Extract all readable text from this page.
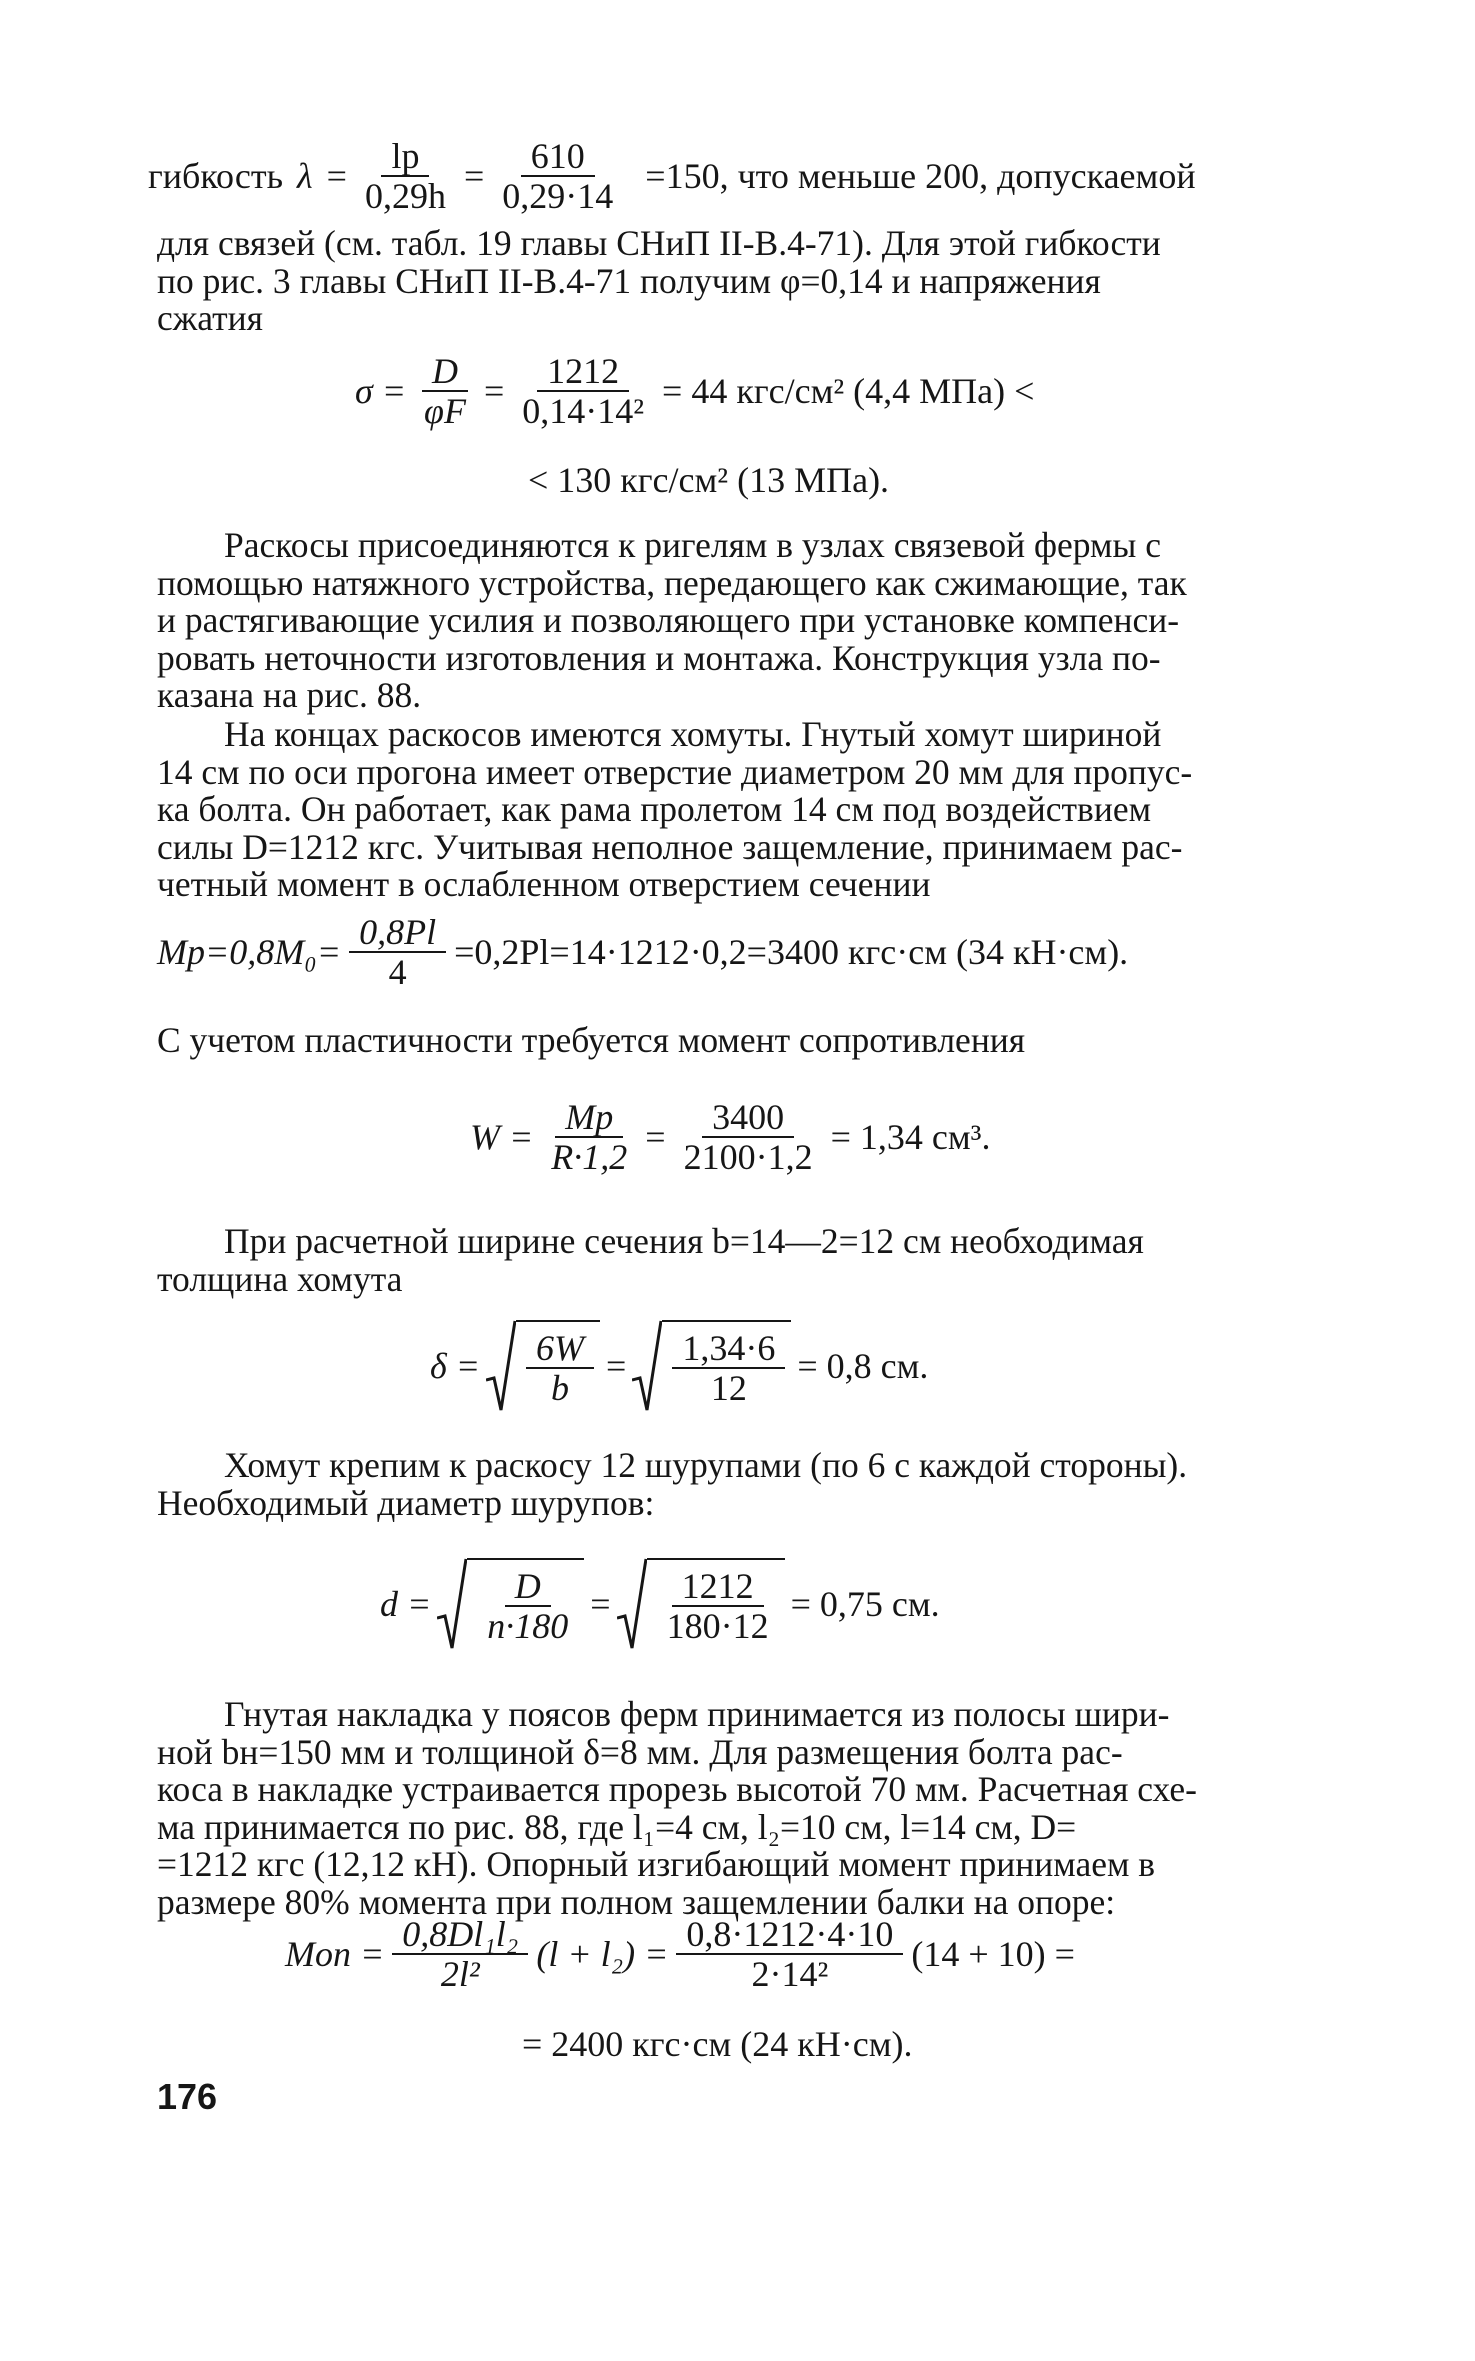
гибкость $\lambda = \frac{lр}{0,29h} = \frac{610}{0,29\cdot 14} =150$, что меньше 200, допускаемой

для связей (см. табл. 19 главы СНиП II-В.4-71). Для этой гибкости

по рис. 3 главы СНиП II-В.4-71 получим φ=0,14 и напряжения

сжатия

$\sigma = \frac{D}{\varphi F} = \frac{1212}{\text{0,14·14²}} = 44$ кгс/см² (4,4 МПа) <
< 130 кгс/см² (13 МПа).

Раскосы присоединяются к ригелям в узлах связевой фермы с

помощью натяжного устройства, передающего как сжимающие, так

и растягивающие усилия и позволяющего при установке компенси-

ровать неточности изготовления и монтажа. Конструкция узла по-

казана на рис. 88.

На концах раскосов имеются хомуты. Гнутый хомут шириной

14 см по оси прогона имеет отверстие диаметром 20 мм для пропус-

ка болта. Он работает, как рама пролетом 14 см под воздействием

силы D=1212 кгс. Учитывая неполное защемление, принимаем рас-

четный момент в ослабленном отверстием сечении

$Mр=0,8M_0= \frac{0,8Pl}{4} =0,2Pl=14\cdot 1212\cdot 0,2=3400$ кгс·см (34 кН·см).

С учетом пластичности требуется момент сопротивления

$W = \frac{Mр}{R\cdot 1,2} = \frac{3400}{2100\cdot 1,2} = 1,34$ см³.

При расчетной ширине сечения b=14—2=12 см необходимая

толщина хомута

$\delta = \frac{6W}{b} = \frac{1,34\cdot 6}{12} = 0,8$ см.

Хомут крепим к раскосу 12 шурупами (по 6 с каждой стороны).

Необходимый диаметр шурупов:

$d = \frac{D}{n\cdot 180} = \frac{1212}{180\cdot 12} = 0,75$ см.

Гнутая накладка у поясов ферм принимается из полосы шири-

ной bн=150 мм и толщиной δ=8 мм. Для размещения болта рас-

коса в накладке устраивается прорезь высотой 70 мм. Расчетная схе-

ма принимается по рис. 88, где l₁=4 см, l₂=10 см, l=14 см, D=

=1212 кгс (12,12 кН). Опорный изгибающий момент принимаем в

размере 80% момента при полном защемлении балки на опоре:

Mоп = $\frac{\text{0,8Dl₁l₂}}{\text{2l²}} (l + l_2) = \frac{0,8\cdot 1212\cdot 4\cdot 10}{\text{2·14²}} (14 + 10)$ =
= 2400 кгс·см (24 кН·см).
176
